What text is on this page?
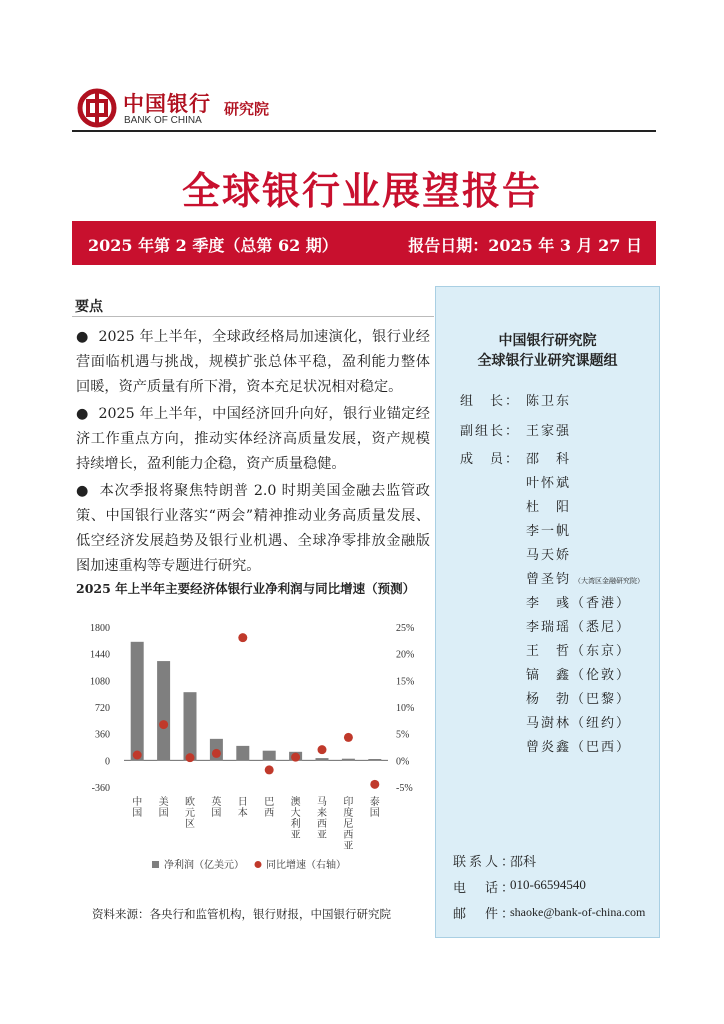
中国银行
BANK OF CHINA
研究院
全球银行业展望报告
2025 年第 2 季度（总第 62 期）	报告日期：2025 年 3 月 27 日
要点
● 2025 年上半年，全球政经格局加速演化，银行业经营面临机遇与挑战，规模扩张总体平稳，盈利能力整体回暖，资产质量有所下滑，资本充足状况相对稳定。
● 2025 年上半年，中国经济回升向好，银行业锚定经济工作重点方向，推动实体经济高质量发展，资产规模持续增长，盈利能力企稳，资产质量稳健。
● 本次季报将聚焦特朗普 2.0 时期美国金融去监管政策、中国银行业落实“两会”精神推动业务高质量发展、低空经济发展趋势及银行业机遇、全球净零排放金融版图加速重构等专题进行研究。
2025 年上半年主要经济体银行业净利润与同比增速（预测）
1800
1440
1080
720
360
0
-360
25%
20%
15%
10%
5%
0%
-5%
中国
美国
欧元区
英国
日本
巴西
澳大利亚
马来西亚
印度尼西亚
泰国
净利润（亿美元） 同比增速（右轴）
资料来源：各央行和监管机构，银行财报，中国银行研究院
中国银行研究院
全球银行业研究课题组
组　长： 陈卫东
副组长： 王家强
成　员： 邵　科
叶怀斌
杜　阳
李一帆
马天娇
曾圣钧 （大湾区金融研究院）
李　彧（香港）
李瑞瑶（悉尼）
王　哲（东京）
镐　鑫（伦敦）
杨　勃（巴黎）
马澍林（纽约）
曾炎鑫（巴西）
联系人：
邵科
电　话：
010-66594540
邮　件：
shaoke@bank-of-china.com
